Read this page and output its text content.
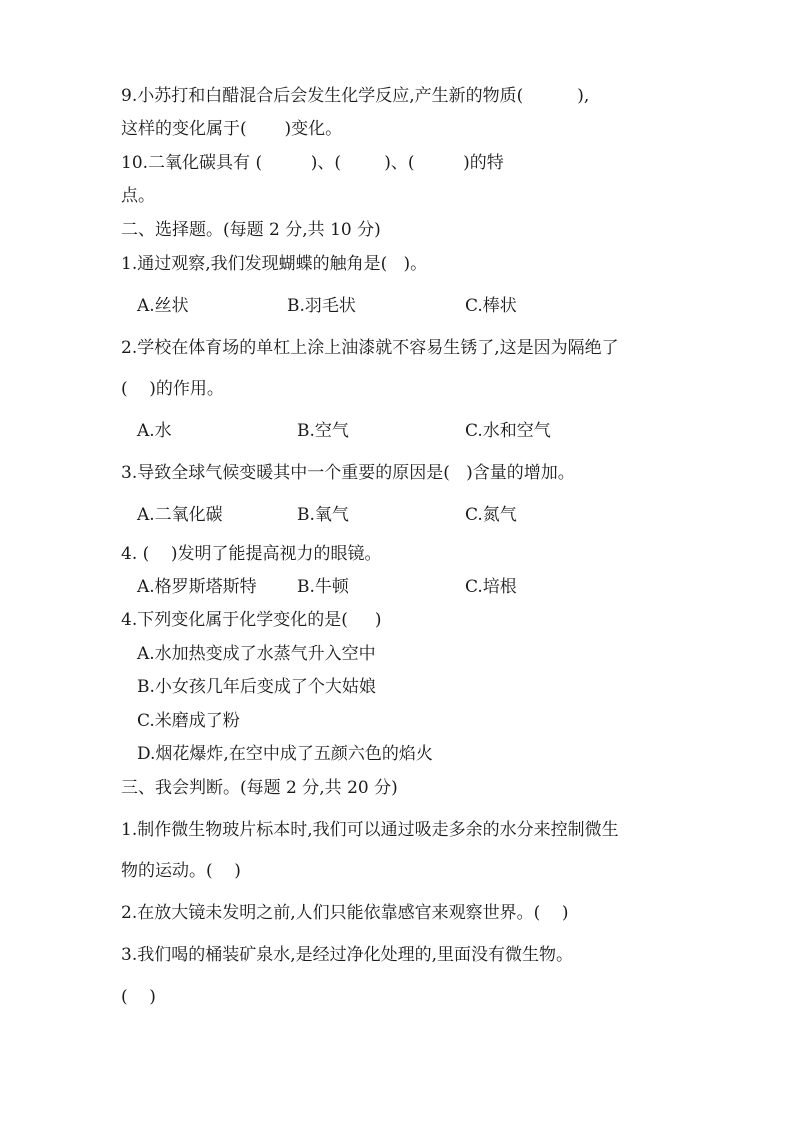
9.小苏打和白醋混合后会发生化学反应,产生新的物质(          ),

这样的变化属于(       )变化。

10.二氧化碳具有 (         )、(        )、(         )的特

点。

二、选择题。(每题 2 分,共 10 分)

1.通过观察,我们发现蝴蝶的触角是(   )。

A.丝状	B.羽毛状	C.棒状

2.学校在体育场的单杠上涂上油漆就不容易生锈了,这是因为隔绝了

(    )的作用。

A.水	B.空气	C.水和空气

3.导致全球气候变暖其中一个重要的原因是(   )含量的增加。

A.二氧化碳	B.氧气	C.氮气

4. (    )发明了能提高视力的眼镜。

A.格罗斯塔斯特 B.牛顿	C.培根

4.下列变化属于化学变化的是(     )

A.水加热变成了水蒸气升入空中

B.小女孩几年后变成了个大姑娘

C.米磨成了粉

D.烟花爆炸,在空中成了五颜六色的焰火

三、我会判断。(每题 2 分,共 20 分)

1.制作微生物玻片标本时,我们可以通过吸走多余的水分来控制微生

物的运动。(    )

2.在放大镜未发明之前,人们只能依靠感官来观察世界。(    )

3.我们喝的桶装矿泉水,是经过净化处理的,里面没有微生物。

(    )
